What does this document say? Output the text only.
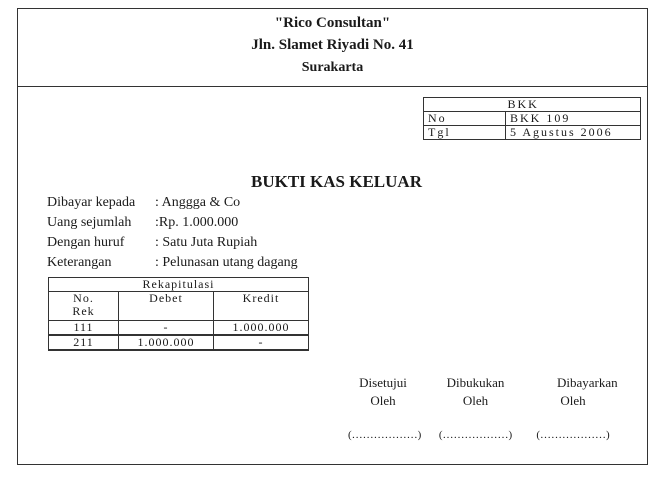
"Rico Consultan"
Jln. Slamet Riyadi No. 41
Surakarta
	BKK
No	BKK 109
Tgl	5 Agustus 2006
BUKTI KAS KELUAR
Dibayar kepada : Anggga & Co
Uang sejumlah :Rp. 1.000.000
Dengan huruf : Satu Juta Rupiah
Keterangan	: Pelunasan utang dagang
Rekapitulasi		

No.
Rek	Debet	Kredit
111	-	1.000.000
211	1.000.000	-
Disetujui
Oleh
(………………)
Dibukukan
Oleh
(………………)
Dibayarkan
Oleh
(………………)
